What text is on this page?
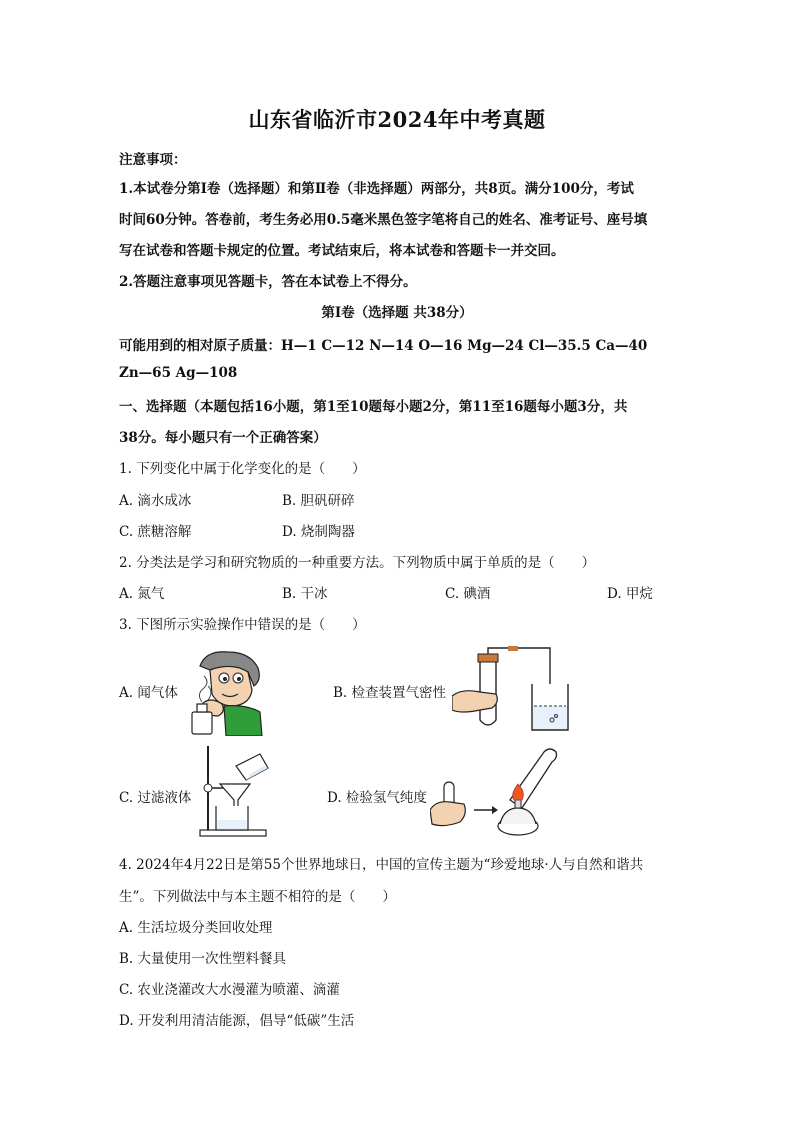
山东省临沂市2024年中考真题
注意事项：
1.本试卷分第Ⅰ卷（选择题）和第Ⅱ卷（非选择题）两部分，共8页。满分100分，考试
时间60分钟。答卷前，考生务必用0.5毫米黑色签字笔将自己的姓名、准考证号、座号填
写在试卷和答题卡规定的位置。考试结束后，将本试卷和答题卡一并交回。
2.答题注意事项见答题卡，答在本试卷上不得分。
第Ⅰ卷（选择题 共38分）
可能用到的相对原子质量：H—1 C—12 N—14 O—16 Mg—24 Cl—35.5 Ca—40
Zn—65 Ag—108
一、选择题（本题包括16小题，第1至10题每小题2分，第11至16题每小题3分，共
38分。每小题只有一个正确答案）
1. 下列变化中属于化学变化的是（　　）
A. 滴水成冰	B. 胆矾研碎
C. 蔗糖溶解	D. 烧制陶器
2. 分类法是学习和研究物质的一种重要方法。下列物质中属于单质的是（　　）
A. 氮气	B. 干冰	C. 碘酒	D. 甲烷
3. 下图所示实验操作中错误的是（　　）
A. 闻气体	B. 检查装置气密性
C. 过滤液体	D. 检验氢气纯度
4. 2024年4月22日是第55个世界地球日，中国的宣传主题为“珍爱地球·人与自然和谐共
生”。下列做法中与本主题不相符的是（　　）
A. 生活垃圾分类回收处理
B. 大量使用一次性塑料餐具
C. 农业浇灌改大水漫灌为喷灌、滴灌
D. 开发利用清洁能源，倡导“低碳”生活
